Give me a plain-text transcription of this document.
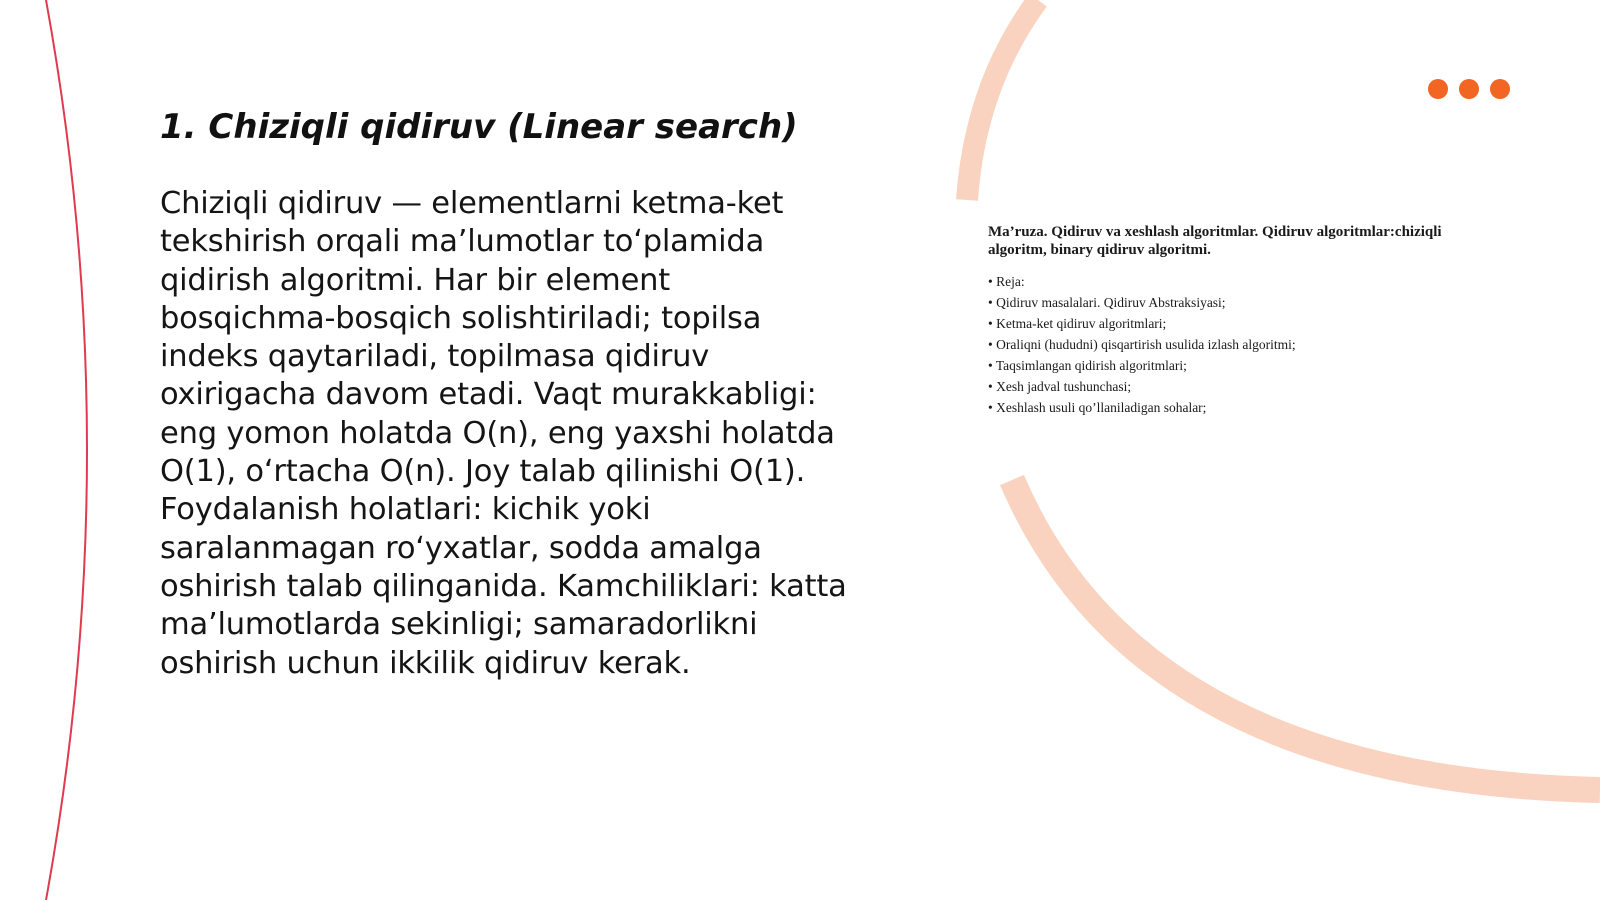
1. Chiziqli qidiruv (Linear search)

Chiziqli qidiruv — elementlarni ketma-ket tekshirish orqali ma’lumotlar to‘plamida qidirish algoritmi. Har bir element bosqichma-bosqich solishtiriladi; topilsa indeks qaytariladi, topilmasa qidiruv oxirigacha davom etadi. Vaqt murakkabligi: eng yomon holatda O(n), eng yaxshi holatda O(1), o‘rtacha O(n). Joy talab qilinishi O(1). Foydalanish holatlari: kichik yoki saralanmagan ro‘yxatlar, sodda amalga oshirish talab qilinganida. Kamchiliklari: katta ma’lumotlarda sekinligi; samaradorlikni oshirish uchun ikkilik qidiruv kerak.

Ma’ruza. Qidiruv va xeshlash algoritmlar. Qidiruv algoritmlar:chiziqli algoritm, binary qidiruv algoritmi.

• Reja:
• Qidiruv masalalari. Qidiruv Abstraksiyasi;
• Ketma-ket qidiruv algoritmlari;
• Oraliqni (hududni) qisqartirish usulida izlash algoritmi;
• Taqsimlangan qidirish algoritmlari;
• Xesh jadval tushunchasi;
• Xeshlash usuli qo’llaniladigan sohalar;
